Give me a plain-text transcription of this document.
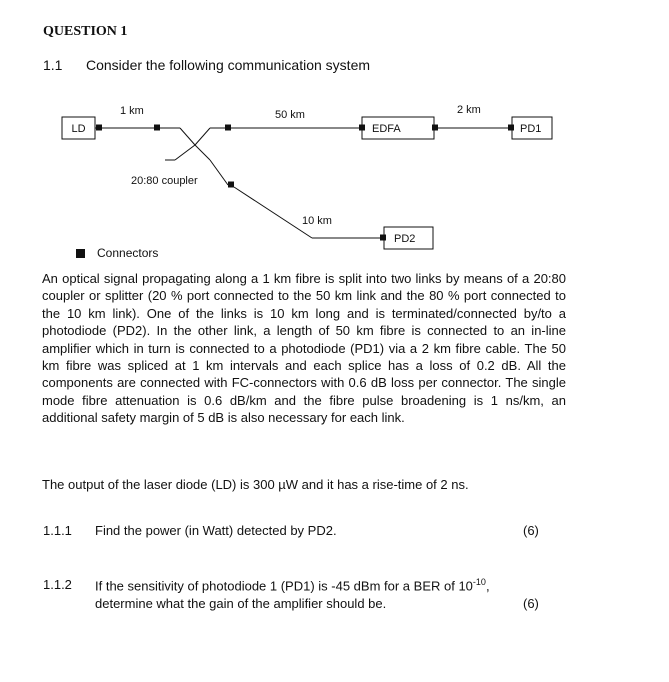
QUESTION 1
1.1 Consider the following communication system
LD
1 km
20:80 coupler
50 km
EDFA
2 km
PD1
10 km
PD2
Connectors
An optical signal propagating along a 1 km fibre is split into two links by means of a 20:80 coupler or splitter (20 % port connected to the 50 km link and the 80 % port connected to the 10 km link). One of the links is 10 km long and is terminated/connected by/to a photodiode (PD2). In the other link, a length of 50 km fibre is connected to an in-line amplifier which in turn is connected to a photodiode (PD1) via a 2 km fibre cable. The 50 km fibre was spliced at 1 km intervals and each splice has a loss of 0.2 dB. All the components are connected with FC-connectors with 0.6 dB loss per connector. The single mode fibre attenuation is 0.6 dB/km and the fibre pulse broadening is 1 ns/km, an additional safety margin of 5 dB is also necessary for each link.
The output of the laser diode (LD) is 300 µW and it has a rise-time of 2 ns.
1.1.1 Find the power (in Watt) detected by PD2.	(6)
1.1.2 If the sensitivity of photodiode 1 (PD1) is -45 dBm for a BER of $10^{-10}$,
determine what the gain of the amplifier should be.	(6)
